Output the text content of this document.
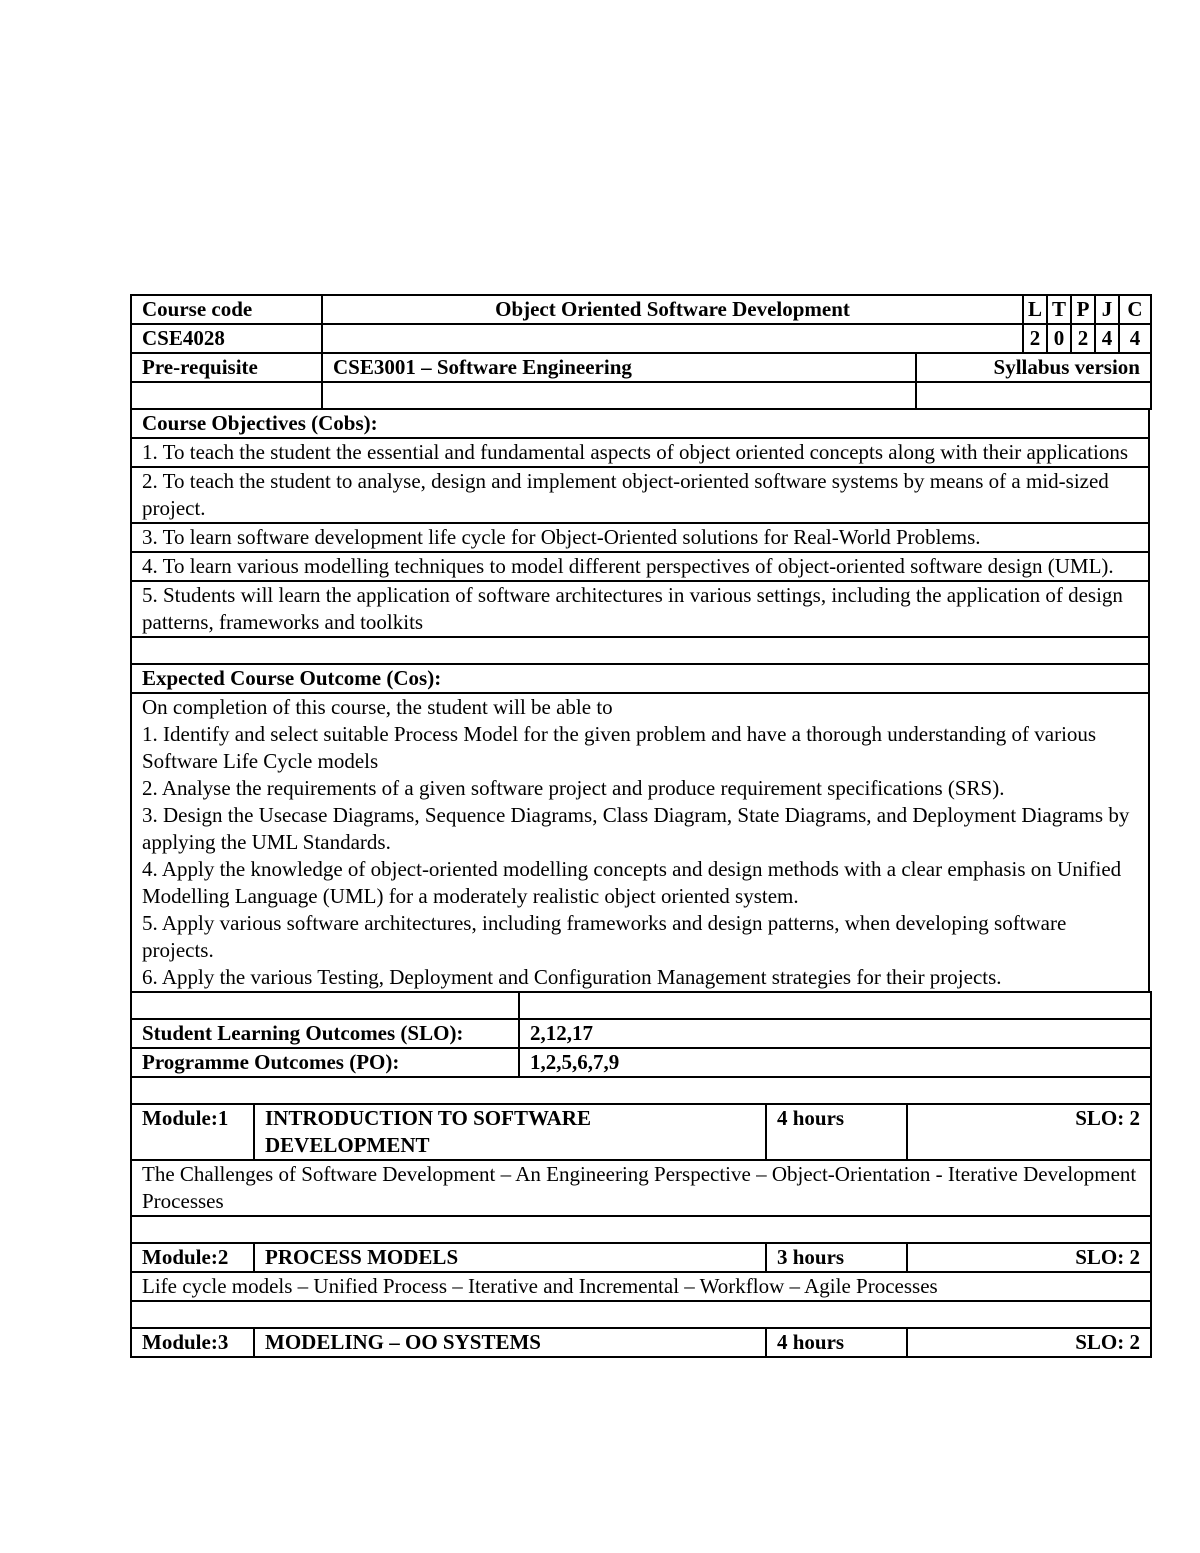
Course code	Object Oriented Software Development		L	T	P	J	C
CSE4028			2	0	2	4	4
Pre-requisite	CSE3001 – Software Engineering	Syllabus version					

Course Objectives (Cobs):
1. To teach the student the essential and fundamental aspects of object oriented concepts along with their applications
2. To teach the student to analyse, design and implement object-oriented software systems by means of a mid-sized project.
3. To learn software development life cycle for Object-Oriented solutions for Real-World Problems.
4. To learn various modelling techniques to model different perspectives of object-oriented software design (UML).
5. Students will learn the application of software architectures in various settings, including the application of design patterns, frameworks and toolkits

Expected Course Outcome (Cos):

On completion of this course, the student will be able to
1. Identify and select suitable Process Model for the given problem and have a thorough understanding of various Software Life Cycle models
2. Analyse the requirements of a given software project and produce requirement specifications (SRS).
3. Design the Usecase Diagrams, Sequence Diagrams, Class Diagram, State Diagrams, and Deployment Diagrams by applying the UML Standards.
4. Apply the knowledge of object-oriented modelling concepts and design methods with a clear emphasis on Unified Modelling Language (UML) for a moderately realistic object oriented system.
5. Apply various software architectures, including frameworks and design patterns, when developing software projects.
6. Apply the various Testing, Deployment and Configuration Management strategies for their projects.

Student Learning Outcomes (SLO):	2,12,17
Programme Outcomes (PO):	1,2,5,6,7,9

Module:1	INTRODUCTION TO SOFTWARE DEVELOPMENT	4 hours	SLO: 2
The Challenges of Software Development – An Engineering Perspective – Object-Orientation - Iterative Development Processes			

Module:2	PROCESS MODELS	3 hours	SLO: 2
Life cycle models – Unified Process – Iterative and Incremental – Workflow – Agile Processes			

Module:3	MODELING – OO SYSTEMS	4 hours	SLO: 2
